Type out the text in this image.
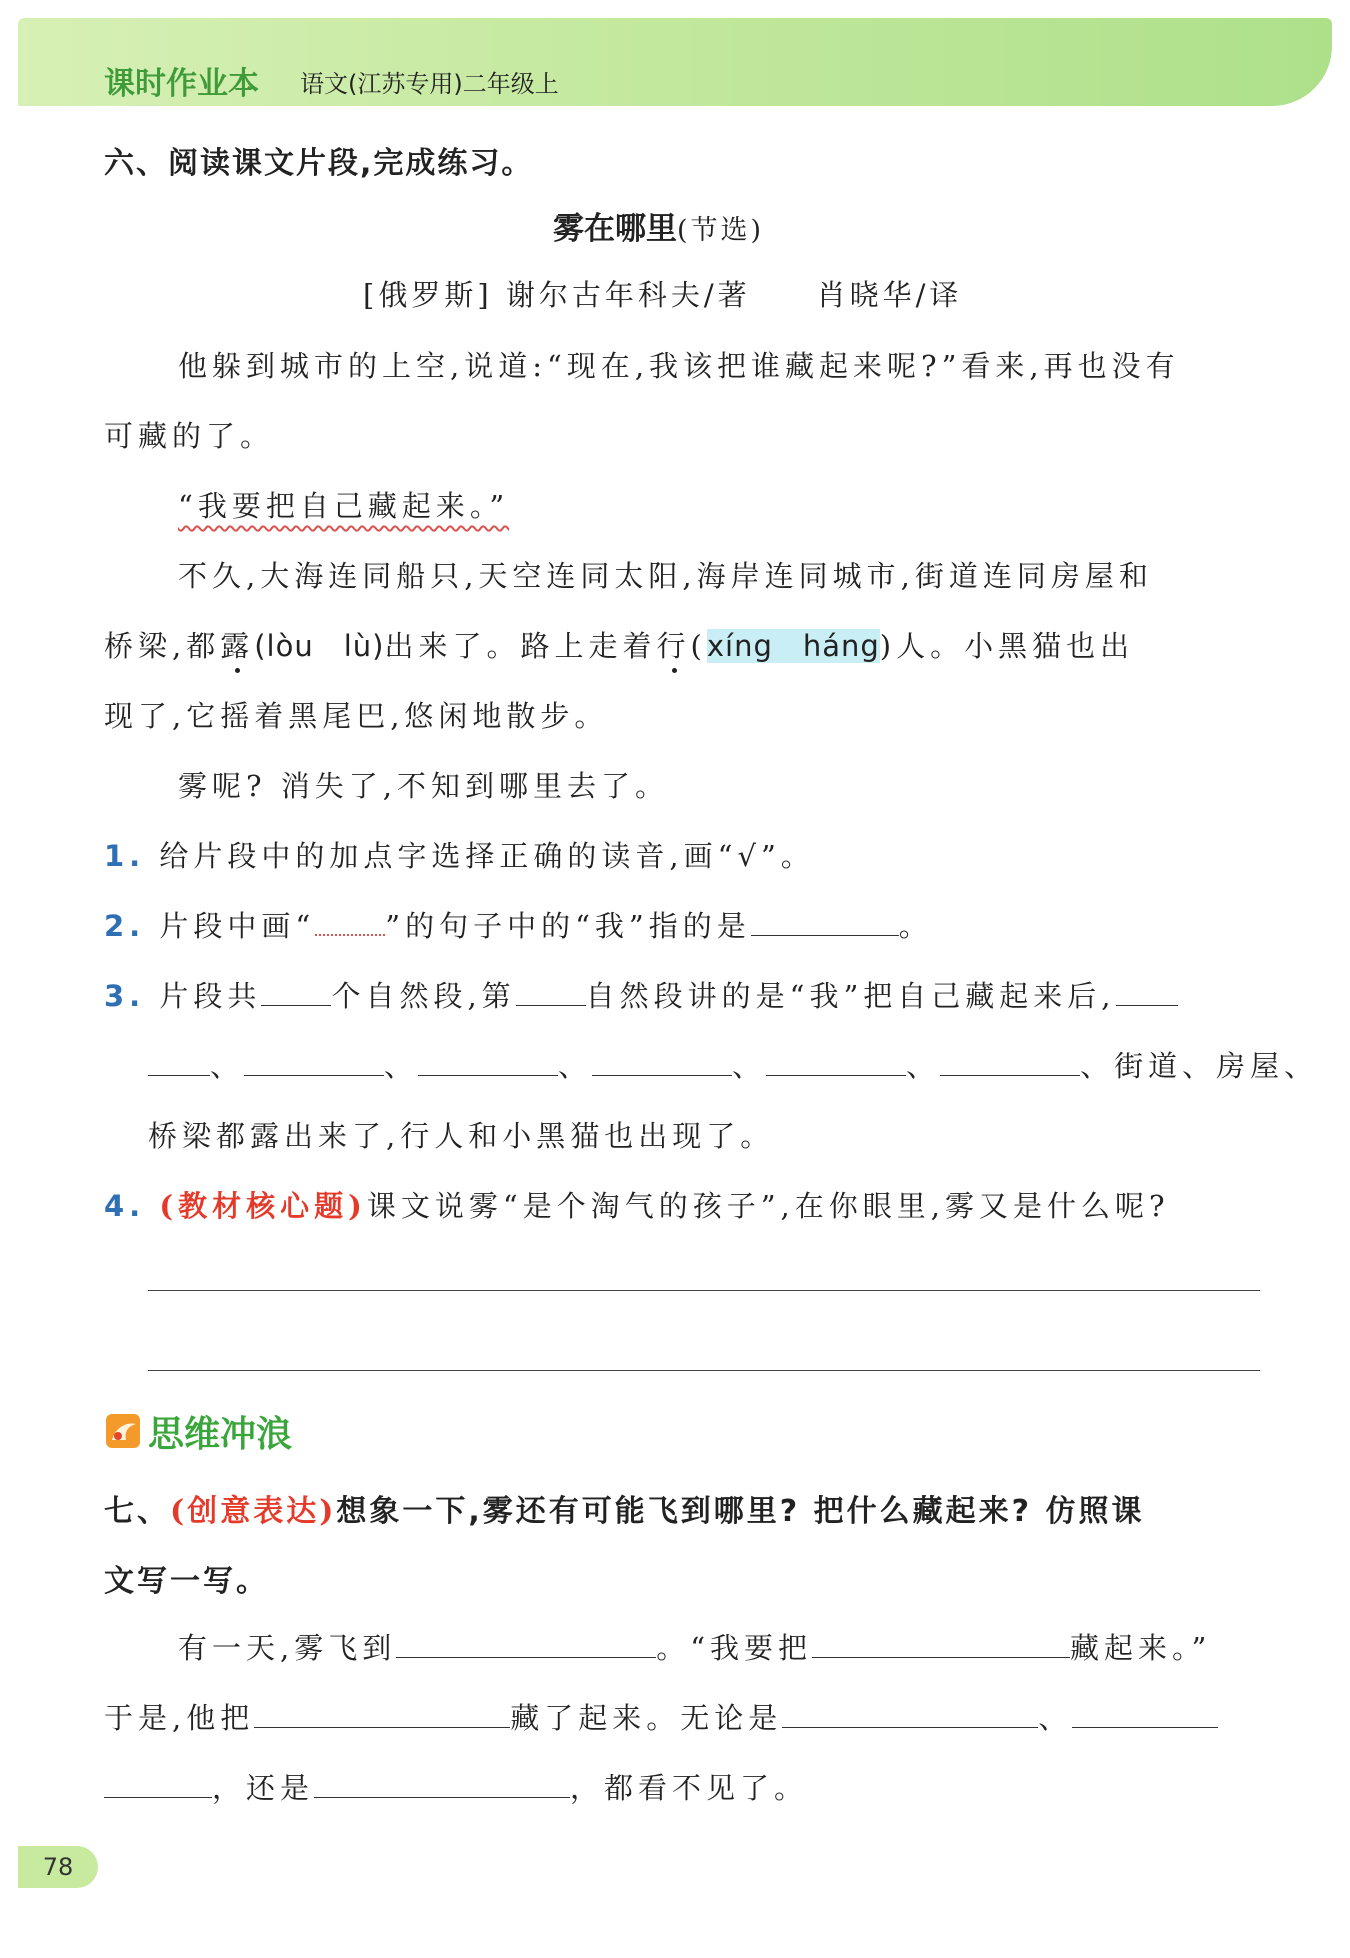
课时作业本 语文(江苏专用)二年级上
六、阅读课文片段,完成练习。
雾在哪里(节选)
[俄罗斯] 谢尔古年科夫/著　　肖晓华/译
他躲到城市的上空,说道:“现在,我该把谁藏起来呢?”看来,再也没有
可藏的了。
“我要把自己藏起来。”
不久,大海连同船只,天空连同太阳,海岸连同城市,街道连同房屋和
桥梁,都露(lòu　lù)出来了。路上走着行(xíng　háng)人。小黑猫也出
现了,它摇着黑尾巴,悠闲地散步。
雾呢? 消失了,不知到哪里去了。
1. 给片段中的加点字选择正确的读音,画“√”。
2. 片段中画“ ”的句子中的“我”指的是	。
3. 片段共 个自然段,第 自然段讲的是“我”把自己藏起来后,
、	、	、	、	、	、街道、房屋、
桥梁都露出来了,行人和小黑猫也出现了。
4. (教材核心题)课文说雾“是个淘气的孩子”,在你眼里,雾又是什么呢?
思维冲浪
七、(创意表达)想象一下,雾还有可能飞到哪里? 把什么藏起来? 仿照课
文写一写。
有一天,雾飞到	。“我要把	藏起来。”
于是,他把	藏了起来。无论是	、
，还是	，都看不见了。
78
